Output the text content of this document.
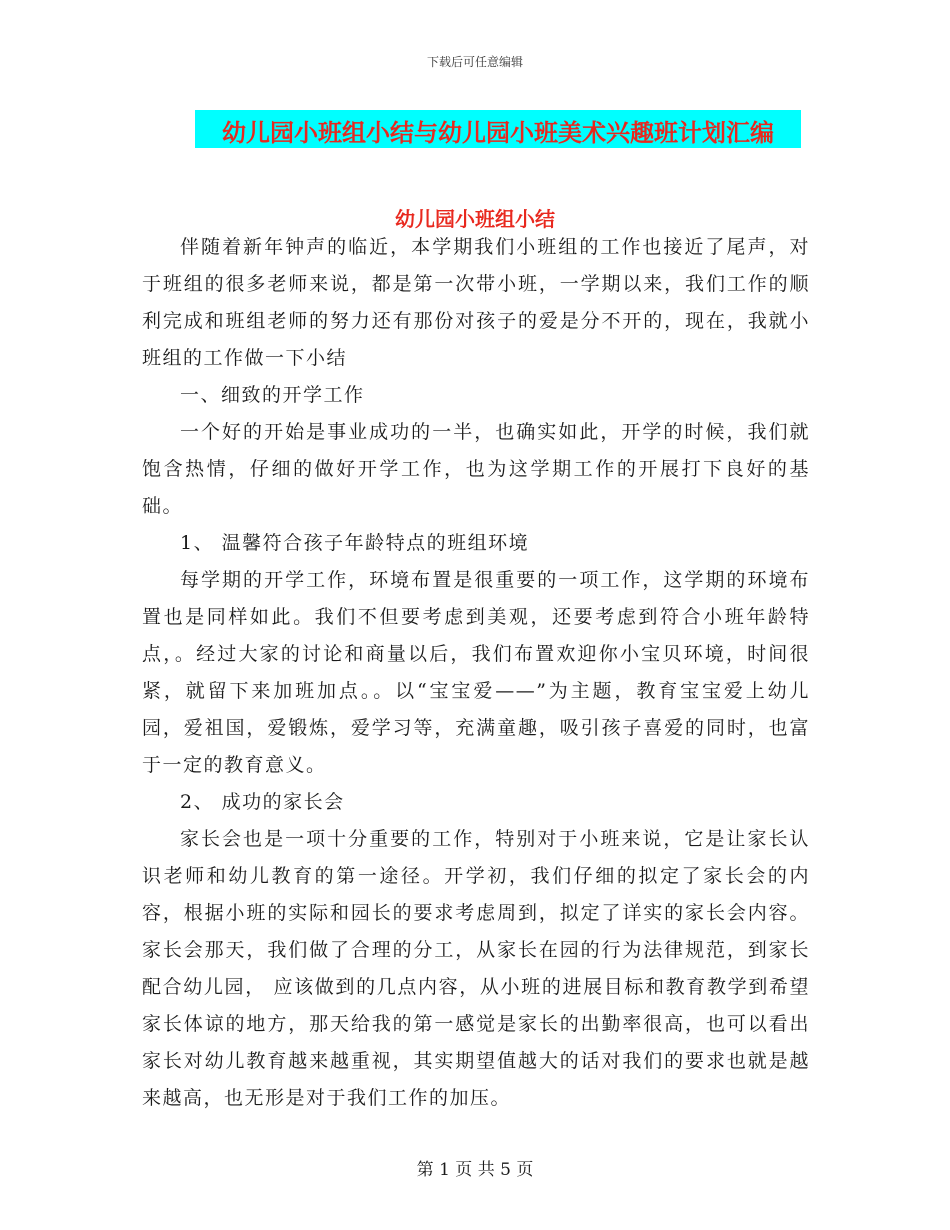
下载后可任意编辑
幼儿园小班组小结与幼儿园小班美术兴趣班计划汇编
幼儿园小班组小结

伴随着新年钟声的临近，本学期我们小班组的工作也接近了尾声，对于班组的很多老师来说，都是第一次带小班，一学期以来，我们工作的顺利完成和班组老师的努力还有那份对孩子的爱是分不开的，现在，我就小班组的工作做一下小结

一、细致的开学工作

一个好的开始是事业成功的一半，也确实如此，开学的时候，我们就饱含热情，仔细的做好开学工作，也为这学期工作的开展打下良好的基础。

1、 温馨符合孩子年龄特点的班组环境

每学期的开学工作，环境布置是很重要的一项工作，这学期的环境布置也是同样如此。我们不但要考虑到美观，还要考虑到符合小班年龄特点，。经过大家的讨论和商量以后，我们布置欢迎你小宝贝环境，时间很紧，就留下来加班加点。。以“宝宝爱——”为主题，教育宝宝爱上幼儿园，爱祖国，爱锻炼，爱学习等，充满童趣，吸引孩子喜爱的同时，也富于一定的教育意义。

2、 成功的家长会

家长会也是一项十分重要的工作，特别对于小班来说，它是让家长认识老师和幼儿教育的第一途径。开学初，我们仔细的拟定了家长会的内容，根据小班的实际和园长的要求考虑周到，拟定了详实的家长会内容。家长会那天，我们做了合理的分工，从家长在园的行为法律规范，到家长配合幼儿园， 应该做到的几点内容，从小班的进展目标和教育教学到希望家长体谅的地方，那天给我的第一感觉是家长的出勤率很高，也可以看出家长对幼儿教育越来越重视，其实期望值越大的话对我们的要求也就是越来越高，也无形是对于我们工作的加压。

第 1 页 共 5 页
